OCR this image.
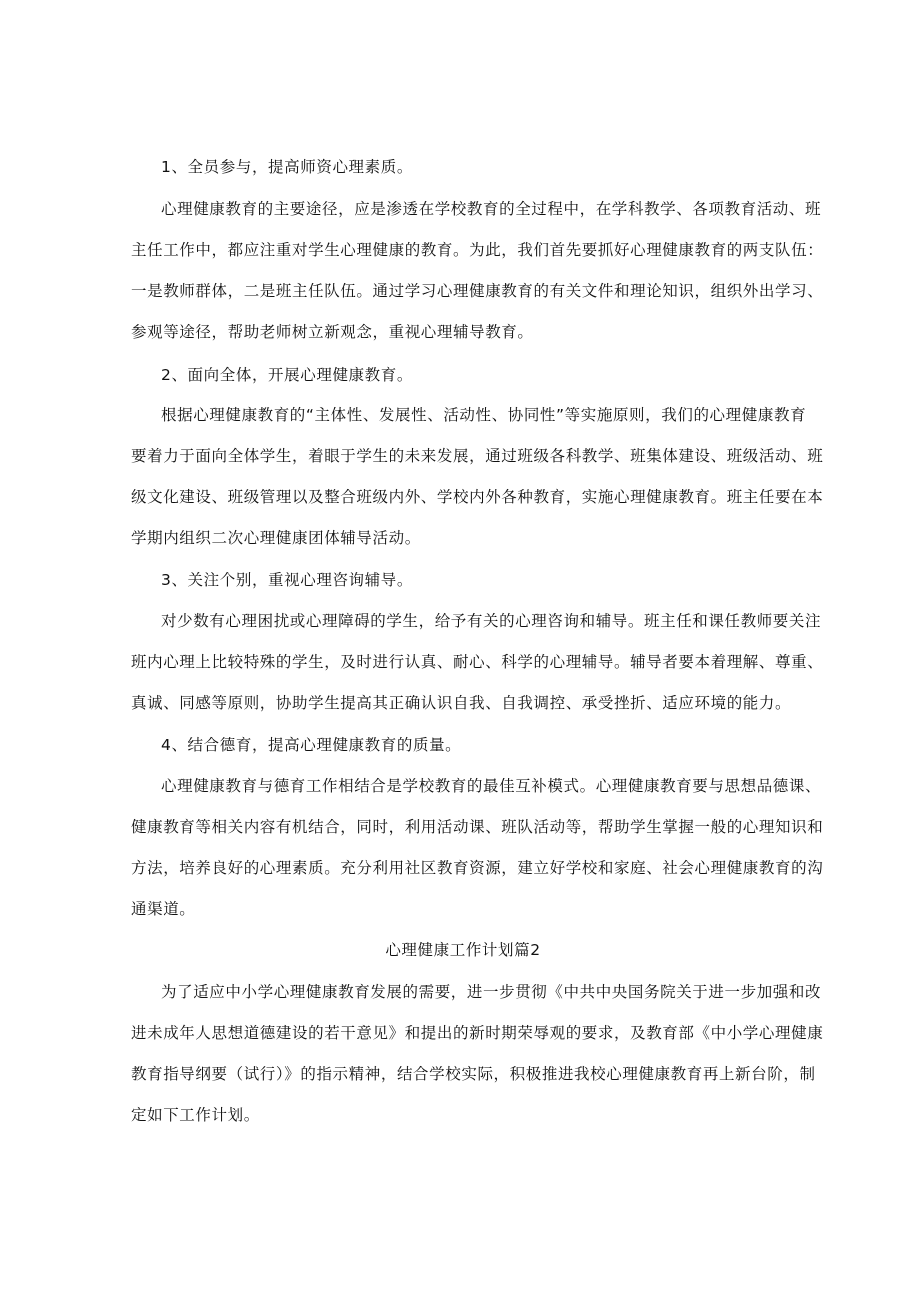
1、全员参与，提高师资心理素质。
心理健康教育的主要途径，应是渗透在学校教育的全过程中，在学科教学、各项教育活动、班
主任工作中，都应注重对学生心理健康的教育。为此，我们首先要抓好心理健康教育的两支队伍：
一是教师群体，二是班主任队伍。通过学习心理健康教育的有关文件和理论知识，组织外出学习、
参观等途径，帮助老师树立新观念，重视心理辅导教育。
2、面向全体，开展心理健康教育。
根据心理健康教育的“主体性、发展性、活动性、协同性”等实施原则，我们的心理健康教育
要着力于面向全体学生，着眼于学生的未来发展，通过班级各科教学、班集体建设、班级活动、班
级文化建设、班级管理以及整合班级内外、学校内外各种教育，实施心理健康教育。班主任要在本
学期内组织二次心理健康团体辅导活动。
3、关注个别，重视心理咨询辅导。
对少数有心理困扰或心理障碍的学生，给予有关的心理咨询和辅导。班主任和课任教师要关注
班内心理上比较特殊的学生，及时进行认真、耐心、科学的心理辅导。辅导者要本着理解、尊重、
真诚、同感等原则，协助学生提高其正确认识自我、自我调控、承受挫折、适应环境的能力。
4、结合德育，提高心理健康教育的质量。
心理健康教育与德育工作相结合是学校教育的最佳互补模式。心理健康教育要与思想品德课、
健康教育等相关内容有机结合，同时，利用活动课、班队活动等，帮助学生掌握一般的心理知识和
方法，培养良好的心理素质。充分利用社区教育资源，建立好学校和家庭、社会心理健康教育的沟
通渠道。
心理健康工作计划篇2
为了适应中小学心理健康教育发展的需要，进一步贯彻《中共中央国务院关于进一步加强和改
进未成年人思想道德建设的若干意见》和提出的新时期荣辱观的要求，及教育部《中小学心理健康
教育指导纲要（试行）》的指示精神，结合学校实际，积极推进我校心理健康教育再上新台阶，制
定如下工作计划。
